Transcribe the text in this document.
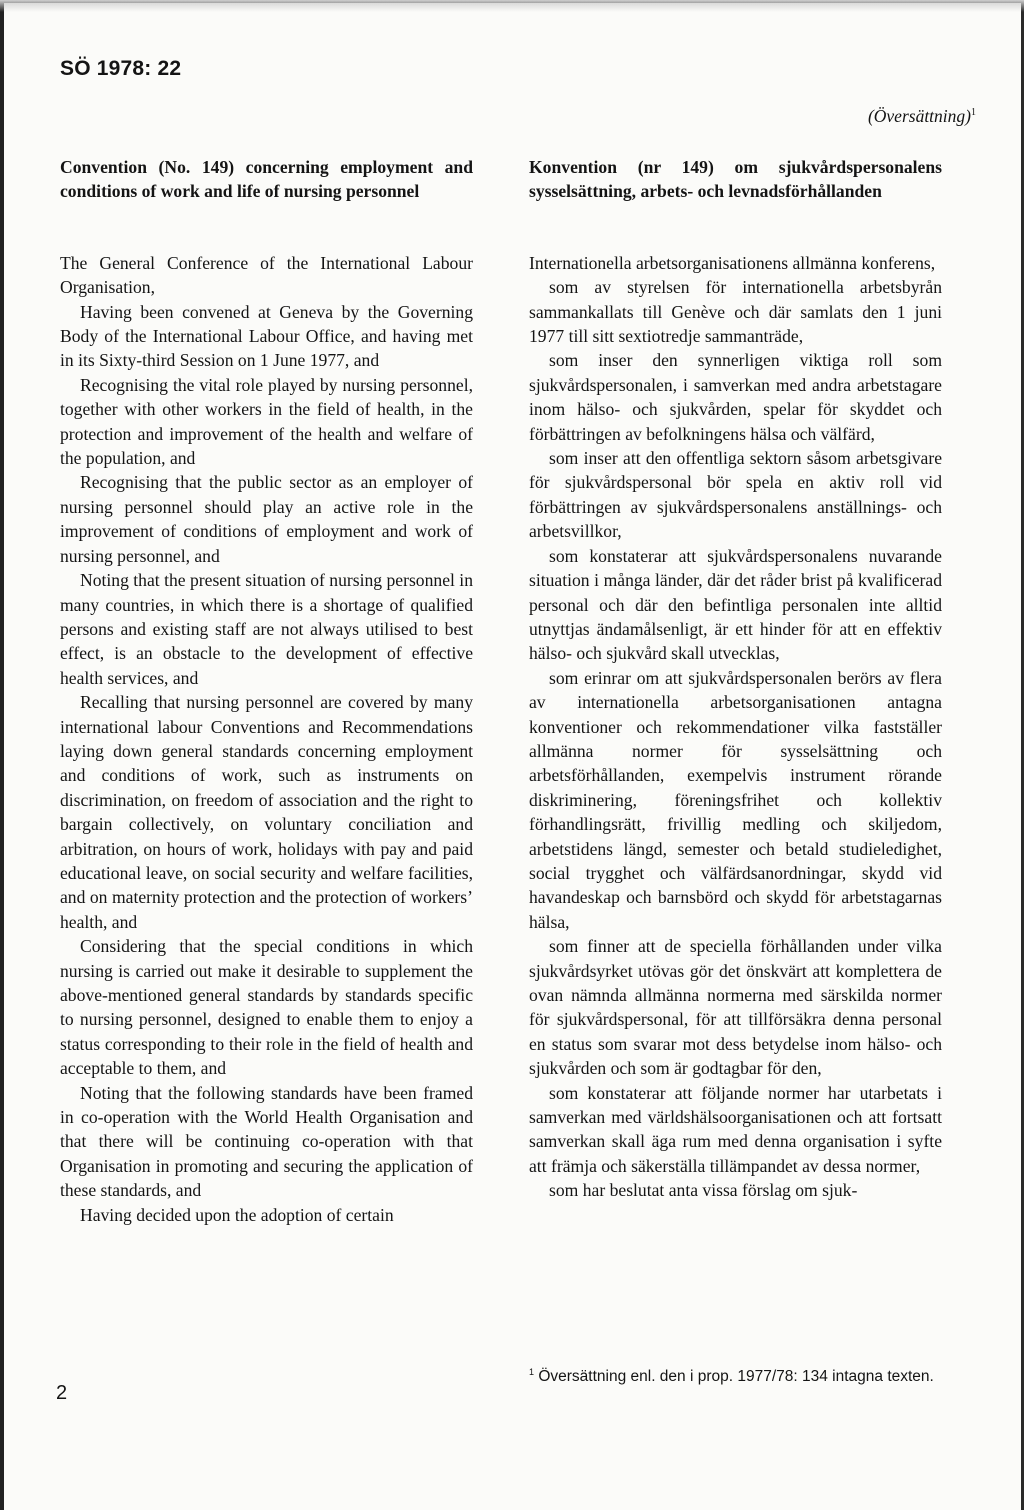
SÖ 1978: 22
(Översättning)$^1$
Convention (No. 149) concerning employment and conditions of work and life of nursing personnel

The General Conference of the International Labour Organisation,

Having been convened at Geneva by the Governing Body of the International Labour Office, and having met in its Sixty-third Session on 1 June 1977, and

Recognising the vital role played by nursing personnel, together with other workers in the field of health, in the protection and improvement of the health and welfare of the population, and

Recognising that the public sector as an employer of nursing personnel should play an active role in the improvement of conditions of employment and work of nursing personnel, and

Noting that the present situation of nursing personnel in many countries, in which there is a shortage of qualified persons and existing staff are not always utilised to best effect, is an obstacle to the development of effective health services, and

Recalling that nursing personnel are covered by many international labour Conventions and Recommendations laying down general standards concerning employment and conditions of work, such as instruments on discrimination, on freedom of association and the right to bargain collectively, on voluntary conciliation and arbitration, on hours of work, holidays with pay and paid educational leave, on social security and welfare facilities, and on maternity protection and the protection of workers’ health, and

Considering that the special conditions in which nursing is carried out make it desirable to supplement the above-mentioned general standards by standards specific to nursing personnel, designed to enable them to enjoy a status corresponding to their role in the field of health and acceptable to them, and

Noting that the following standards have been framed in co-operation with the World Health Organisation and that there will be continuing co-operation with that Organisation in promoting and securing the application of these standards, and

Having decided upon the adoption of certain

Konvention (nr 149) om sjukvårdspersonalens sysselsättning, arbets- och levnadsförhållanden

Internationella arbetsorganisationens allmänna konferens,

som av styrelsen för internationella arbetsbyrån sammankallats till Genève och där samlats den 1 juni 1977 till sitt sextiotredje sammanträde,

som inser den synnerligen viktiga roll som sjukvårdspersonalen, i samverkan med andra arbetstagare inom hälso- och sjukvården, spelar för skyddet och förbättringen av befolkningens hälsa och välfärd,

som inser att den offentliga sektorn såsom arbetsgivare för sjukvårdspersonal bör spela en aktiv roll vid förbättringen av sjukvårdspersonalens anställnings- och arbetsvillkor,

som konstaterar att sjukvårdspersonalens nuvarande situation i många länder, där det råder brist på kvalificerad personal och där den befintliga personalen inte alltid utnyttjas ändamålsenligt, är ett hinder för att en effektiv hälso- och sjukvård skall utvecklas,

som erinrar om att sjukvårdspersonalen berörs av flera av internationella arbetsorganisationen antagna konventioner och rekommendationer vilka fastställer allmänna normer för sysselsättning och arbetsförhållanden, exempelvis instrument rörande diskriminering, föreningsfrihet och kollektiv förhandlingsrätt, frivillig medling och skiljedom, arbetstidens längd, semester och betald studieledighet, social trygghet och välfärdsanordningar, skydd vid havandeskap och barnsbörd och skydd för arbetstagarnas hälsa,

som finner att de speciella förhållanden under vilka sjukvårdsyrket utövas gör det önskvärt att komplettera de ovan nämnda allmänna normerna med särskilda normer för sjukvårdspersonal, för att tillförsäkra denna personal en status som svarar mot dess betydelse inom hälso- och sjukvården och som är godtagbar för den,

som konstaterar att följande normer har utarbetats i samverkan med världshälsoorganisationen och att fortsatt samverkan skall äga rum med denna organisation i syfte att främja och säkerställa tillämpandet av dessa normer,

som har beslutat anta vissa förslag om sjuk-

2
$^1$ Översättning enl. den i prop. 1977/78: 134 intagna texten.
